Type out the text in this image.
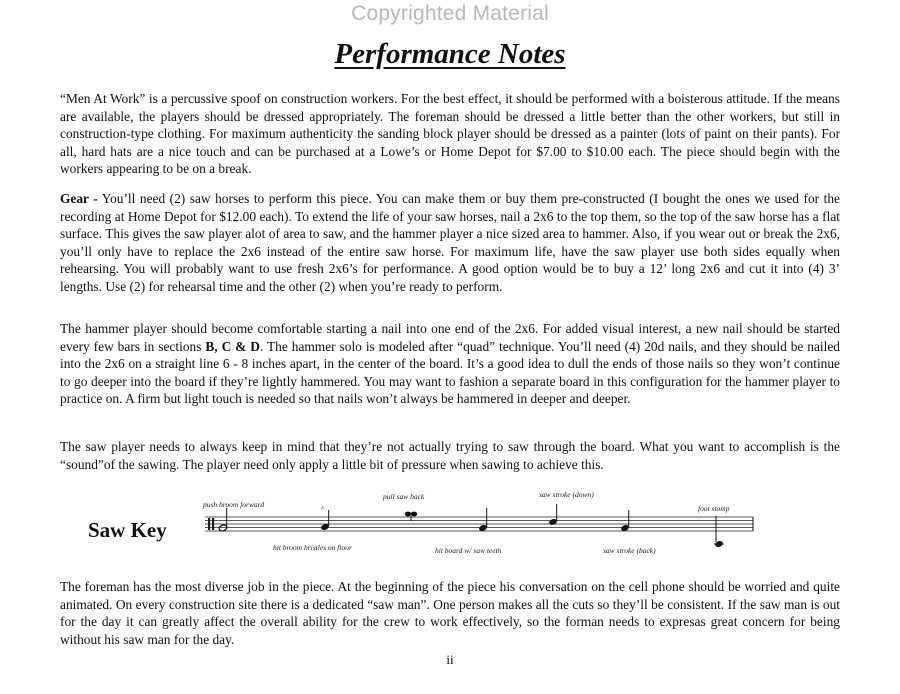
Copyrighted Material
Performance Notes

“Men At Work” is a percussive spoof on construction workers. For the best effect, it should be performed with a boisterous attitude. If the means are available, the players should be dressed appropriately. The foreman should be dressed a little better than the other workers, but still in construction-type clothing. For maximum authenticity the sanding block player should be dressed as a painter (lots of paint on their pants). For all, hard hats are a nice touch and can be purchased at a Lowe’s or Home Depot for $7.00 to $10.00 each. The piece should begin with the workers appearing to be on a break.

Gear - You’ll need (2) saw horses to perform this piece. You can make them or buy them pre-constructed (I bought the ones we used for the recording at Home Depot for $12.00 each). To extend the life of your saw horses, nail a 2x6 to the top them, so the top of the saw horse has a flat surface. This gives the saw player alot of area to saw, and the hammer player a nice sized area to hammer. Also, if you wear out or break the 2x6, you’ll only have to replace the 2x6 instead of the entire saw horse. For maximum life, have the saw player use both sides equally when rehearsing. You will probably want to use fresh 2x6’s for performance. A good option would be to buy a 12’ long 2x6 and cut it into (4) 3’ lengths. Use (2) for rehearsal time and the other (2) when you’re ready to perform.

The hammer player should become comfortable starting a nail into one end of the 2x6. For added visual interest, a new nail should be started every few bars in sections B, C & D. The hammer solo is modeled after “quad” technique. You’ll need (4) 20d nails, and they should be nailed into the 2x6 on a straight line 6 - 8 inches apart, in the center of the board. It’s a good idea to dull the ends of those nails so they won’t continue to go deeper into the board if they’re lightly hammered. You may want to fashion a separate board in this configuration for the hammer player to practice on. A firm but light touch is needed so that nails won’t always be hammered in deeper and deeper.

The saw player needs to always keep in mind that they’re not actually trying to saw through the board. What you want to accomplish is the “sound”of the sawing. The player need only apply a little bit of pressure when sawing to achieve this.

Saw Key
^
push broom forward
pull saw back	saw stroke (down)
foot stomp
hit broom bristles on floor	hit board w/ saw teeth	saw stroke (back)

The foreman has the most diverse job in the piece. At the beginning of the piece his conversation on the cell phone should be worried and quite animated. On every construction site there is a dedicated “saw man”. One person makes all the cuts so they’ll be consistent. If the saw man is out for the day it can greatly affect the overall ability for the crew to work effectively, so the forman needs to expresas great concern for being without his saw man for the day.

ii
